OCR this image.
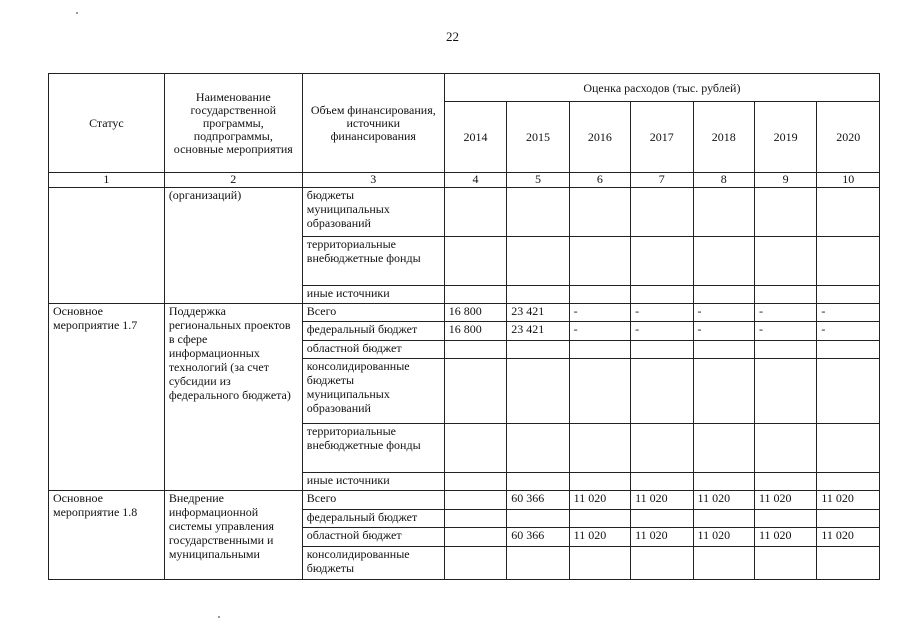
22
Статус	Наименование государственной программы, подпрограммы, основные мероприятия	Объем финансирования, источники финансирования	Оценка расходов (тыс. рублей)						
			2014	2015	2016	2017	2018	2019	2020
1	2	3	4	5	6	7	8	9	10
	(организаций)	бюджеты муниципальных образований							
		территориальные внебюджетные фонды							
		иные источники							
Основное мероприятие 1.7	Поддержка региональных проектов в сфере информационных технологий (за счет субсидии из федерального бюджета)	Всего	16 800	23 421	-	-	-	-	-
		федеральный бюджет	16 800	23 421	-	-	-	-	-
		областной бюджет							
		консолидированные бюджеты муниципальных образований							
		территориальные внебюджетные фонды							
		иные источники							
Основное мероприятие 1.8	Внедрение информационной системы управления государственными и муниципальными	Всего		60 366	11 020	11 020	11 020	11 020	11 020
		федеральный бюджет							
		областной бюджет		60 366	11 020	11 020	11 020	11 020	11 020
		консолидированные бюджеты							
